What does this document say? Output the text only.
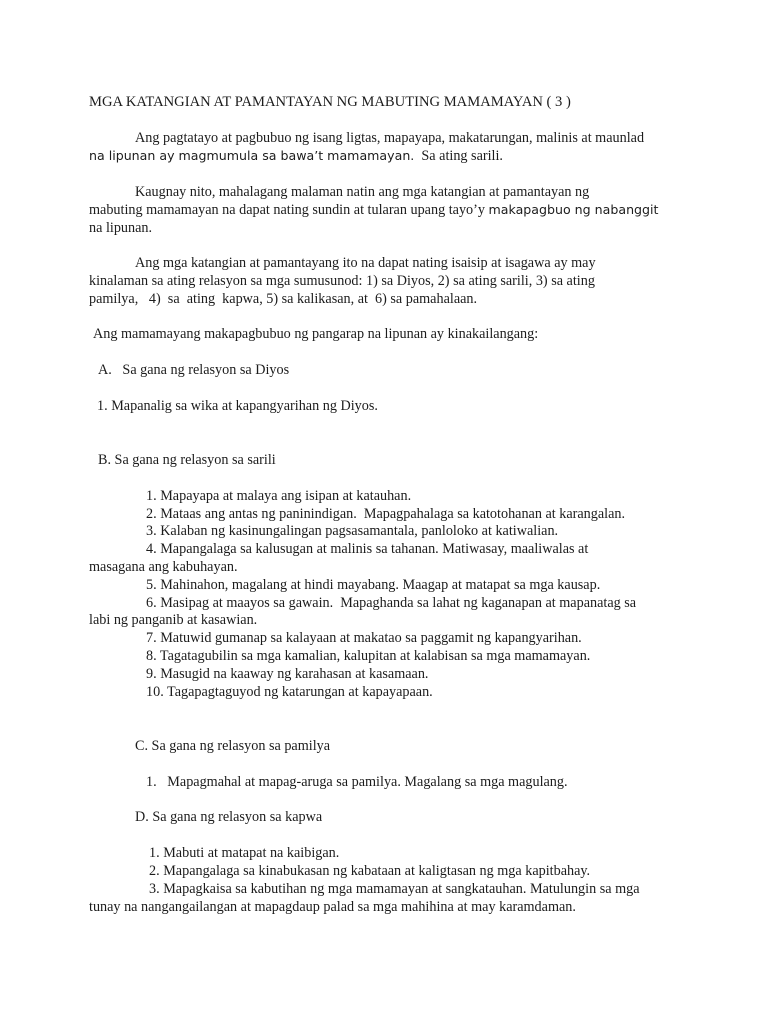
MGA KATANGIAN AT PAMANTAYAN NG MABUTING MAMAMAYAN ( 3 )

Ang pagtatayo at pagbubuo ng isang ligtas, mapayapa, makatarungan, malinis at maunlad

na lipunan ay magmumula sa bawa’t mamamayan.  Sa ating sarili.

Kaugnay nito, mahalagang malaman natin ang mga katangian at pamantayan ng

mabuting mamamayan na dapat nating sundin at tularan upang tayo’y makapagbuo ng nabanggit

na lipunan.

Ang mga katangian at pamantayang ito na dapat nating isaisip at isagawa ay may

kinalaman sa ating relasyon sa mga sumusunod: 1) sa Diyos, 2) sa ating sarili, 3) sa ating

pamilya,   4)  sa  ating  kapwa, 5) sa kalikasan, at  6) sa pamahalaan.

Ang mamamayang makapagbubuo ng pangarap na lipunan ay kinakailangang:

A.   Sa gana ng relasyon sa Diyos

1. Mapanalig sa wika at kapangyarihan ng Diyos.

B. Sa gana ng relasyon sa sarili

1. Mapayapa at malaya ang isipan at katauhan.

2. Mataas ang antas ng paninindigan.  Mapagpahalaga sa katotohanan at karangalan.

3. Kalaban ng kasinungalingan pagsasamantala, panloloko at katiwalian.

4. Mapangalaga sa kalusugan at malinis sa tahanan. Matiwasay, maaliwalas at

masagana ang kabuhayan.

5. Mahinahon, magalang at hindi mayabang. Maagap at matapat sa mga kausap.

6. Masipag at maayos sa gawain.  Mapaghanda sa lahat ng kaganapan at mapanatag sa

labi ng panganib at kasawian.

7. Matuwid gumanap sa kalayaan at makatao sa paggamit ng kapangyarihan.

8. Tagatagubilin sa mga kamalian, kalupitan at kalabisan sa mga mamamayan.

9. Masugid na kaaway ng karahasan at kasamaan.

10. Tagapagtaguyod ng katarungan at kapayapaan.

C. Sa gana ng relasyon sa pamilya

1.   Mapagmahal at mapag-aruga sa pamilya. Magalang sa mga magulang.

D. Sa gana ng relasyon sa kapwa

1. Mabuti at matapat na kaibigan.

2. Mapangalaga sa kinabukasan ng kabataan at kaligtasan ng mga kapitbahay.

3. Mapagkaisa sa kabutihan ng mga mamamayan at sangkatauhan. Matulungin sa mga

tunay na nangangailangan at mapagdaup palad sa mga mahihina at may karamdaman.
